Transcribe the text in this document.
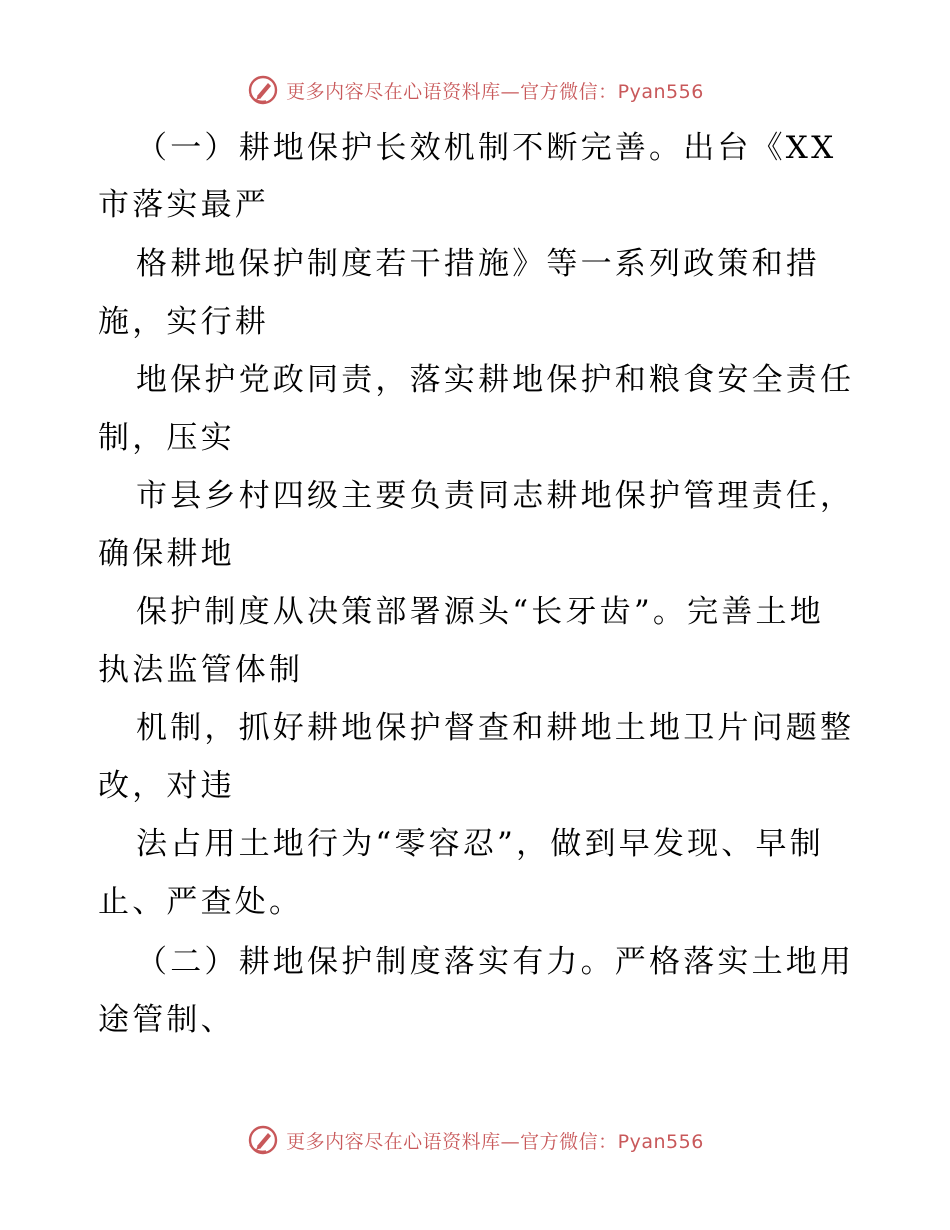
更多内容尽在心语资料库—官方微信：Pyan556
（一）耕地保护长效机制不断完善。出台《XX
市落实最严
格耕地保护制度若干措施》等一系列政策和措
施，实行耕
地保护党政同责，落实耕地保护和粮食安全责任
制，压实
市县乡村四级主要负责同志耕地保护管理责任，
确保耕地
保护制度从决策部署源头“长牙齿”。完善土地
执法监管体制
机制，抓好耕地保护督查和耕地土地卫片问题整
改，对违
法占用土地行为“零容忍”，做到早发现、早制
止、严查处。
（二）耕地保护制度落实有力。严格落实土地用
途管制、
更多内容尽在心语资料库—官方微信：Pyan556
